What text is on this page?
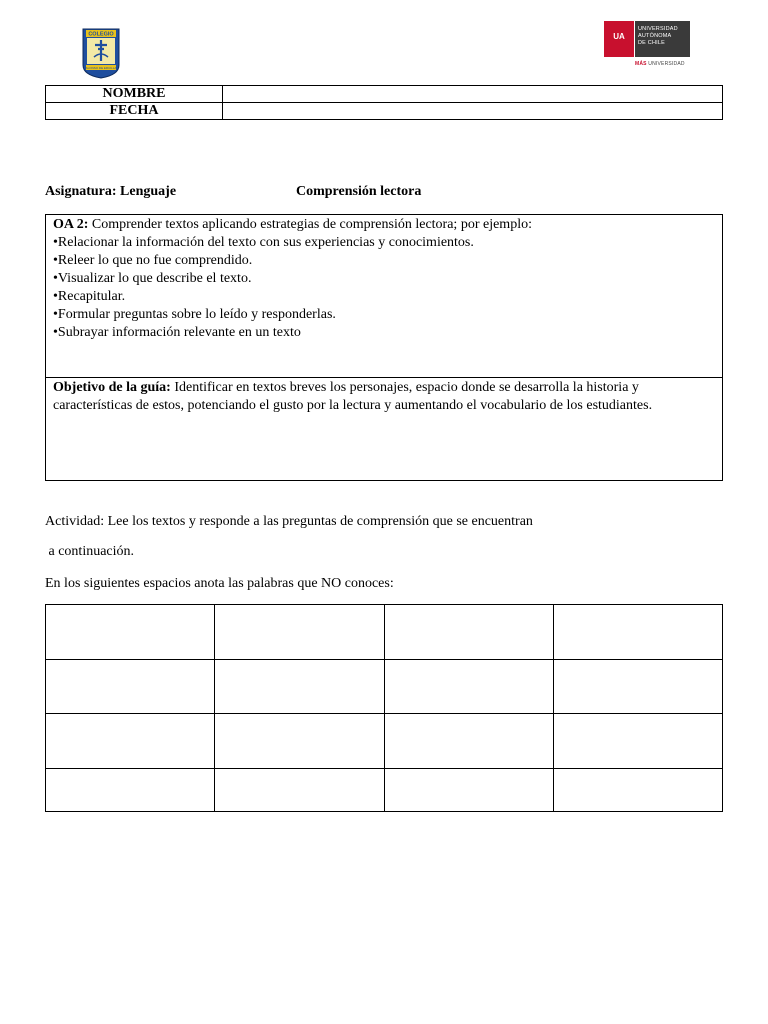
COLEGIO
ALONSO DE ERCILLA
UA
UNIVERSIDAD
AUTÓNOMA
DE CHILE
MÁS UNIVERSIDAD
NOMBRE	
FECHA	
Asignatura: Lenguaje	Comprensión lectora
OA 2: Comprender textos aplicando estrategias de comprensión lectora; por ejemplo:
• Relacionar la información del texto con sus experiencias y conocimientos.
• Releer lo que no fue comprendido.
• Visualizar lo que describe el texto.
• Recapitular.
• Formular preguntas sobre lo leído y responderlas.
• Subrayar información relevante en un texto
Objetivo de la guía: Identificar en textos breves los personajes, espacio donde se desarrolla la historia y características de estos, potenciando el gusto por la lectura y aumentando el vocabulario de los estudiantes.
Actividad: Lee los textos y responde a las preguntas de comprensión que se encuentran
a continuación.
En los siguientes espacios anota las palabras que NO conoces:
